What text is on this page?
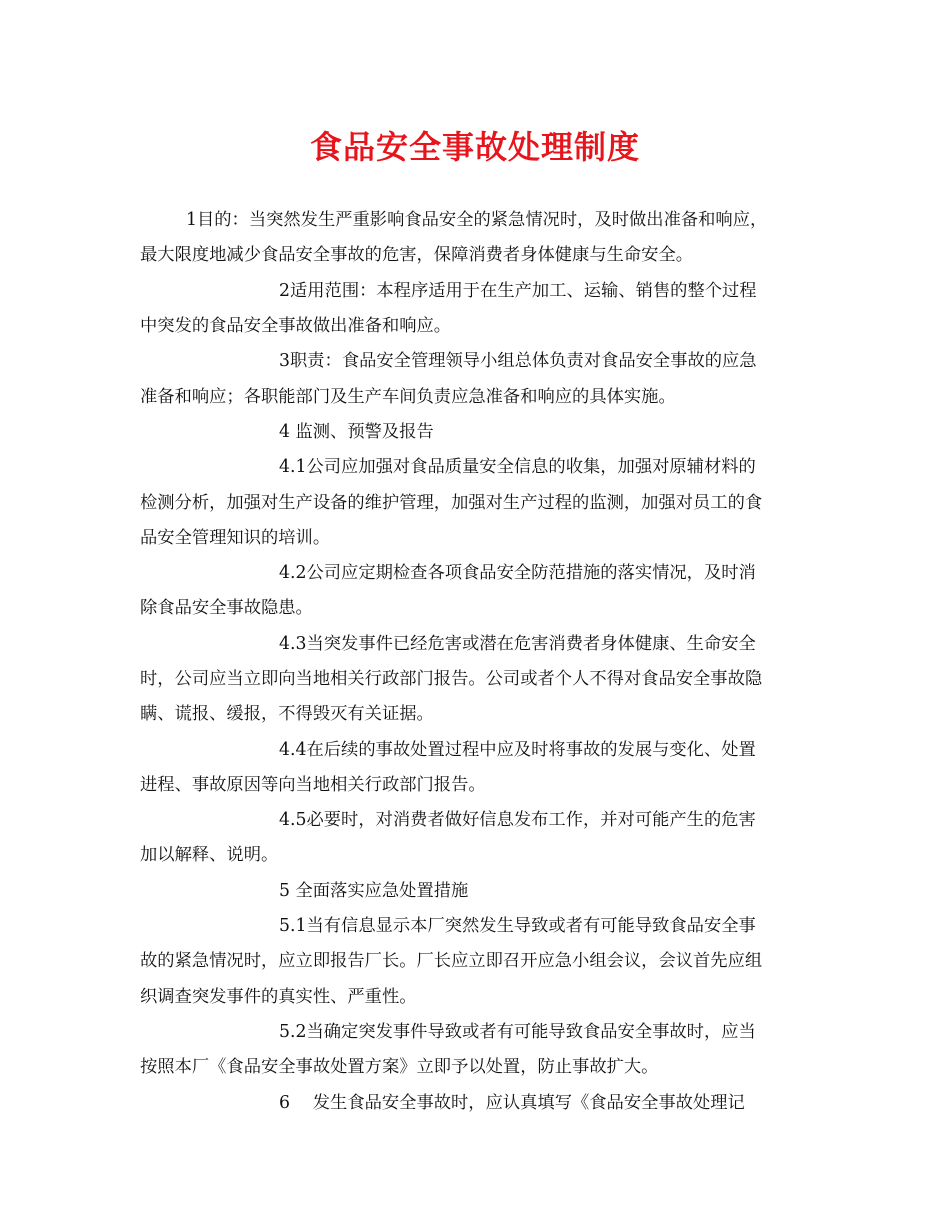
食品安全事故处理制度

1目的：当突然发生严重影响食品安全的紧急情况时，及时做出准备和响应，

最大限度地减少食品安全事故的危害，保障消费者身体健康与生命安全。

2适用范围：本程序适用于在生产加工、运输、销售的整个过程

中突发的食品安全事故做出准备和响应。

3职责：食品安全管理领导小组总体负责对食品安全事故的应急

准备和响应；各职能部门及生产车间负责应急准备和响应的具体实施。

4 监测、预警及报告

4.1公司应加强对食品质量安全信息的收集，加强对原辅材料的

检测分析，加强对生产设备的维护管理，加强对生产过程的监测，加强对员工的食

品安全管理知识的培训。

4.2公司应定期检查各项食品安全防范措施的落实情况，及时消

除食品安全事故隐患。

4.3当突发事件已经危害或潜在危害消费者身体健康、生命安全

时，公司应当立即向当地相关行政部门报告。公司或者个人不得对食品安全事故隐

瞒、谎报、缓报，不得毁灭有关证据。

4.4在后续的事故处置过程中应及时将事故的发展与变化、处置

进程、事故原因等向当地相关行政部门报告。

4.5必要时，对消费者做好信息发布工作，并对可能产生的危害

加以解释、说明。

5 全面落实应急处置措施

5.1当有信息显示本厂突然发生导致或者有可能导致食品安全事

故的紧急情况时，应立即报告厂长。厂长应立即召开应急小组会议，会议首先应组

织调查突发事件的真实性、严重性。

5.2当确定突发事件导致或者有可能导致食品安全事故时，应当

按照本厂《食品安全事故处置方案》立即予以处置，防止事故扩大。

6　 发生食品安全事故时，应认真填写《食品安全事故处理记
